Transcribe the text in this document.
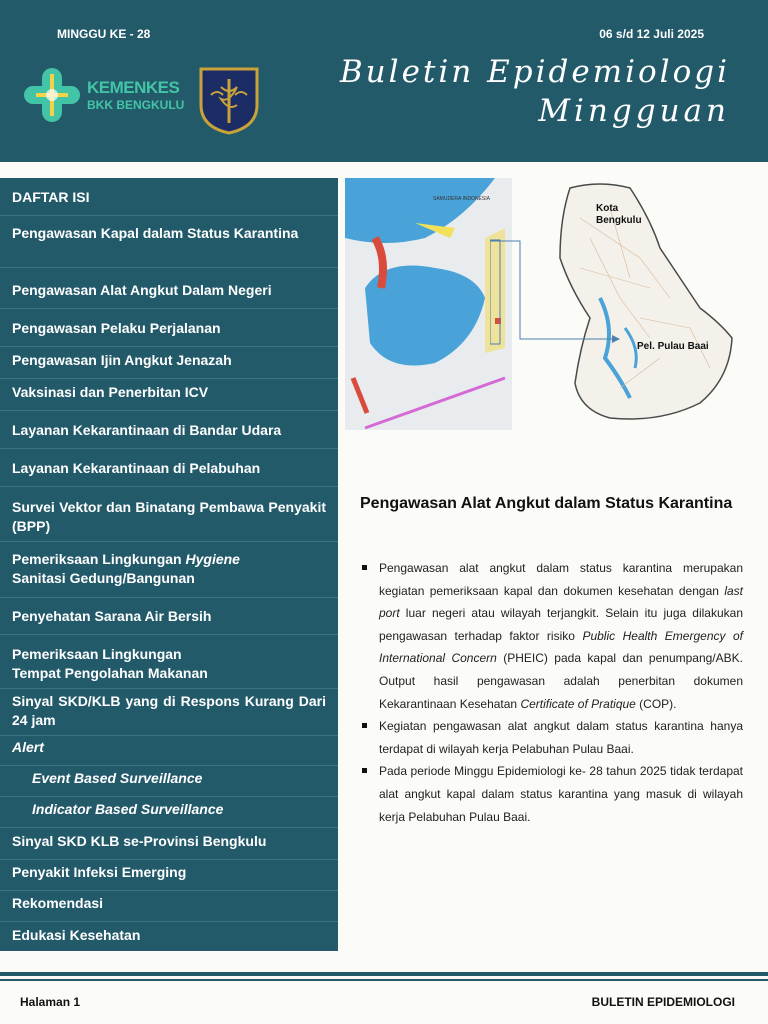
MINGGU KE - 28	06 s/d 12 Juli 2025
Buletin Epidemiologi
Mingguan
KEMENKES
BKK BENGKULU
DAFTAR ISI
Pengawasan Kapal dalam Status Karantina
Pengawasan Alat Angkut Dalam Negeri
Pengawasan Pelaku Perjalanan
Pengawasan Ijin Angkut Jenazah
Vaksinasi dan Penerbitan ICV
Layanan Kekarantinaan di Bandar Udara
Layanan Kekarantinaan di Pelabuhan
Survei Vektor dan Binatang Pembawa Penyakit (BPP)
Pemeriksaan Lingkungan Hygiene
Sanitasi Gedung/Bangunan
Penyehatan Sarana Air Bersih
Pemeriksaan Lingkungan
Tempat Pengolahan Makanan
Sinyal SKD/KLB yang di Respons Kurang Dari 24 jam
Alert
Event Based Surveillance
Indicator Based Surveillance
Sinyal SKD KLB se-Provinsi Bengkulu
Penyakit Infeksi Emerging
Rekomendasi
Edukasi Kesehatan
SAMUDERA INDONESIA
Kota Bengkulu
Pel. Pulau Baai
Pengawasan Alat Angkut dalam Status Karantina
Pengawasan alat angkut dalam status karantina merupakan kegiatan pemeriksaan kapal dan dokumen kesehatan dengan last port luar negeri atau wilayah terjangkit. Selain itu juga dilakukan pengawasan terhadap faktor risiko Public Health Emergency of International Concern (PHEIC) pada kapal dan penumpang/ABK. Output hasil pengawasan adalah penerbitan dokumen Kekarantinaan Kesehatan Certificate of Pratique (COP).
Kegiatan pengawasan alat angkut dalam status karantina hanya terdapat di wilayah kerja Pelabuhan Pulau Baai.
Pada periode Minggu Epidemiologi ke- 28 tahun 2025 tidak terdapat alat angkut kapal dalam status karantina yang masuk di wilayah kerja Pelabuhan Pulau Baai.
Halaman 1	BULETIN EPIDEMIOLOGI
